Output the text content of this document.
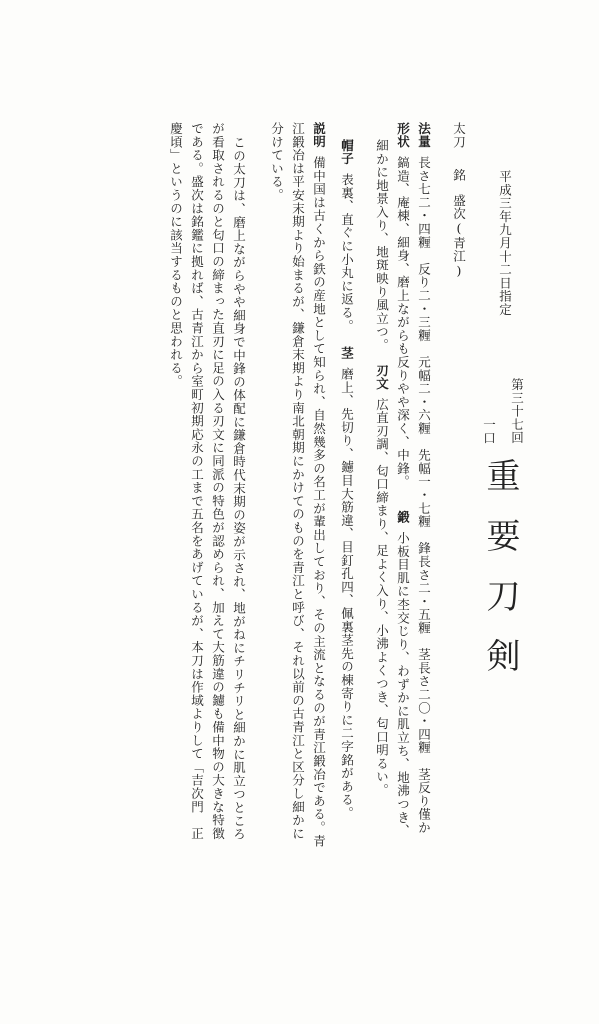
重要刀剣
第三十七回
一口
平成三年九月十二日指定
太刀銘盛次(青江)
法量長さ七二・四糎　反り二・三糎　元幅二・六糎　先幅一・七糎　鋒長さ二・五糎　茎長さ二〇・四糎　茎反り僅か
形状鎬造、庵棟、細身、磨上ながらも反りやや深く、中鋒。鍛小板目肌に杢交じり、わずかに肌立ち、地沸つき、
細かに地景入り、地斑映り風立つ。刃文広直刃調、匂口締まり、足よく入り、小沸よくつき、匂口明るい。
帽子表裏、直ぐに小丸に返る。茎磨上、先切り、鑢目大筋違、目釘孔四、佩裏茎先の棟寄りに二字銘がある。
説明備中国は古くから鉄の産地として知られ、自然幾多の名工が輩出しており、その主流となるのが青江鍛冶である。青
江鍛冶は平安末期より始まるが、鎌倉末期より南北朝期にかけてのものを青江と呼び、それ以前の古青江と区分し細かに
分けている。
この太刀は、磨上ながらやや細身で中鋒の体配に鎌倉時代末期の姿が示され、地がねにチリチリと細かに肌立つところ
が看取されるのと匂口の締まった直刃に足の入る刃文に同派の特色が認められ、加えて大筋違の鑢も備中物の大きな特徴
である。盛次は銘鑑に拠れば、古青江から室町初期応永の工まで五名をあげているが、本刀は作域よりして「吉次門　正
慶頃」というのに該当するものと思われる。
